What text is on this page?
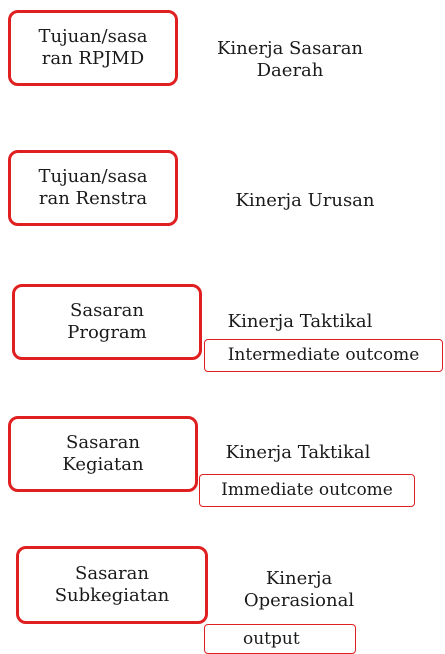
Tujuan/sasa
ran RPJMD	Kinerja Sasaran
Daerah
Tujuan/sasa
ran Renstra	Kinerja Urusan
Sasaran
Program
Kinerja Taktikal
Intermediate outcome
Sasaran
Kegiatan
Kinerja Taktikal
Immediate outcome
Sasaran
Subkegiatan
Kinerja
Operasional
output
